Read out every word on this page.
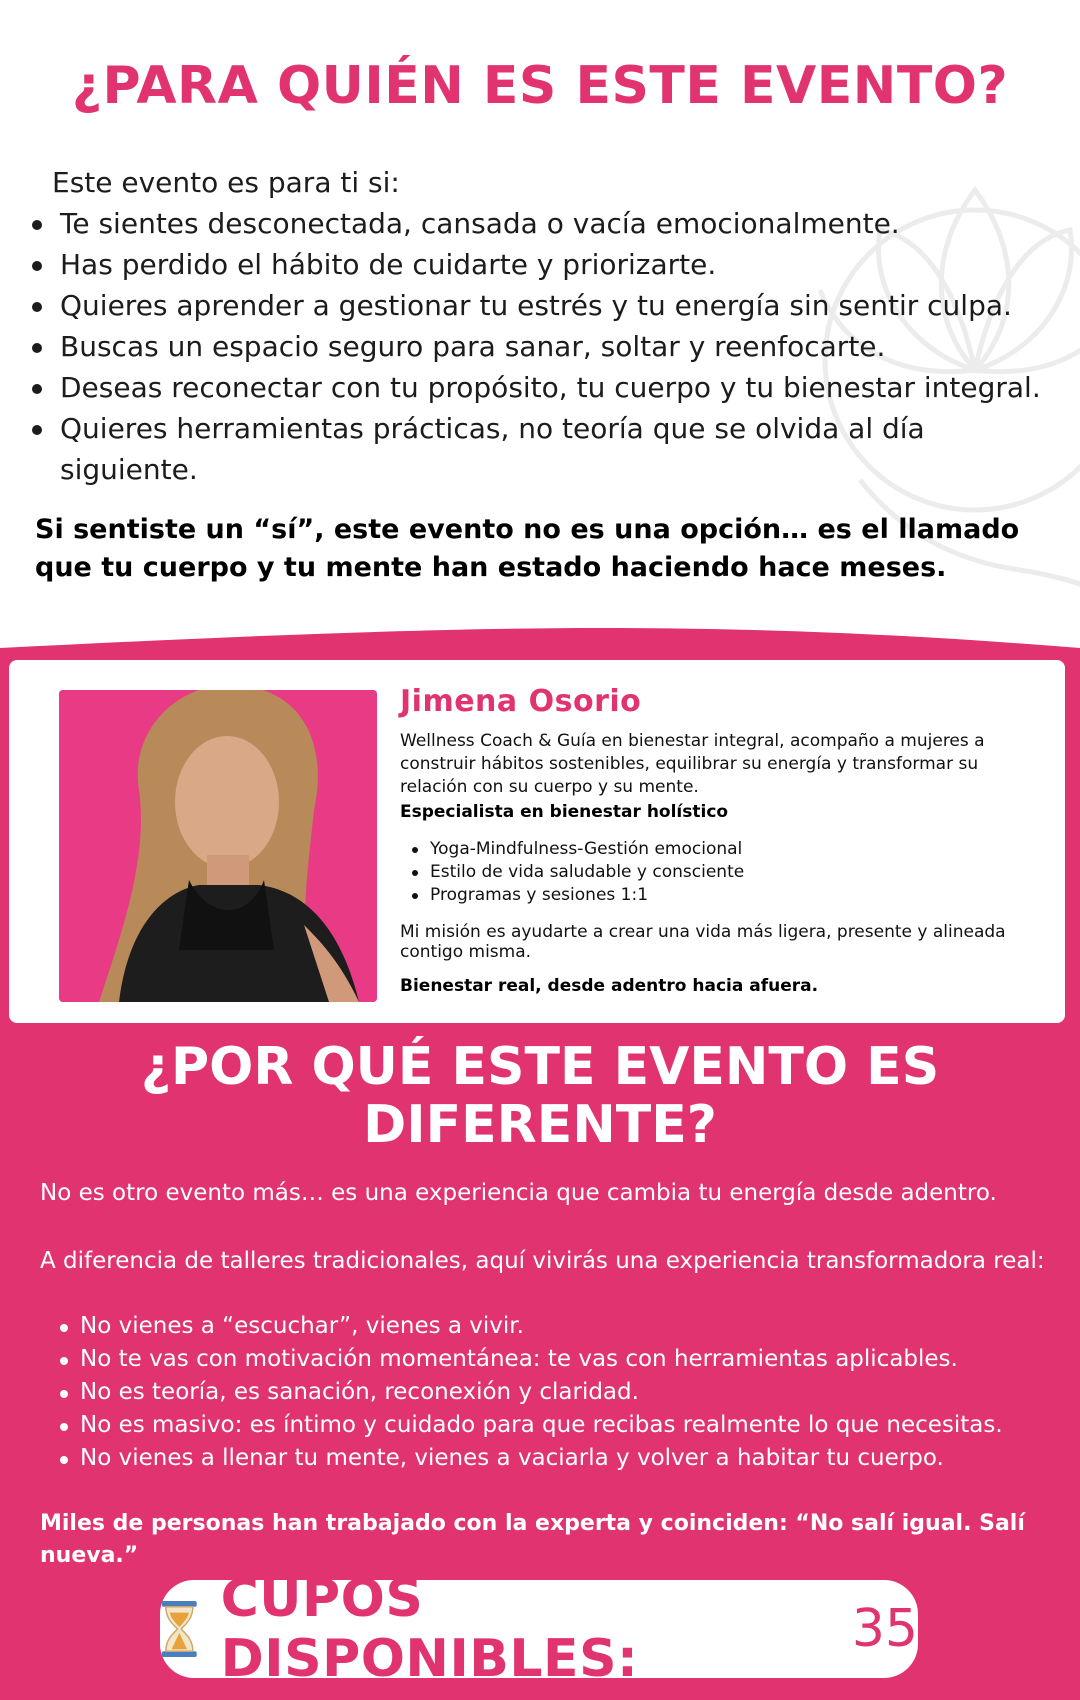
¿PARA QUIÉN ES ESTE EVENTO?

Este evento es para ti si:

Te sientes desconectada, cansada o vacía emocionalmente.
Has perdido el hábito de cuidarte y priorizarte.
Quieres aprender a gestionar tu estrés y tu energía sin sentir culpa.
Buscas un espacio seguro para sanar, soltar y reenfocarte.
Deseas reconectar con tu propósito, tu cuerpo y tu bienestar integral.
Quieres herramientas prácticas, no teoría que se olvida al día siguiente.

Si sentiste un “sí”, este evento no es una opción… es el llamado que tu cuerpo y tu mente han estado haciendo hace meses.

Jimena Osorio

Wellness Coach & Guía en bienestar integral, acompaño a mujeres a construir hábitos sostenibles, equilibrar su energía y transformar su relación con su cuerpo y su mente.

Especialista en bienestar holístico

Yoga-Mindfulness-Gestión emocional
Estilo de vida saludable y consciente
Programas y sesiones 1:1

Mi misión es ayudarte a crear una vida más ligera, presente y alineada contigo misma.

Bienestar real, desde adentro hacia afuera.

¿POR QUÉ ESTE EVENTO ES
DIFERENTE?

No es otro evento más… es una experiencia que cambia tu energía desde adentro.

A diferencia de talleres tradicionales, aquí vivirás una experiencia transformadora real:

No vienes a “escuchar”, vienes a vivir.
No te vas con motivación momentánea: te vas con herramientas aplicables.
No es teoría, es sanación, reconexión y claridad.
No es masivo: es íntimo y cuidado para que recibas realmente lo que necesitas.
No vienes a llenar tu mente, vienes a vaciarla y volver a habitar tu cuerpo.

Miles de personas han trabajado con la experta y coinciden: “No salí igual. Salí nueva.”

CUPOS DISPONIBLES:	35
